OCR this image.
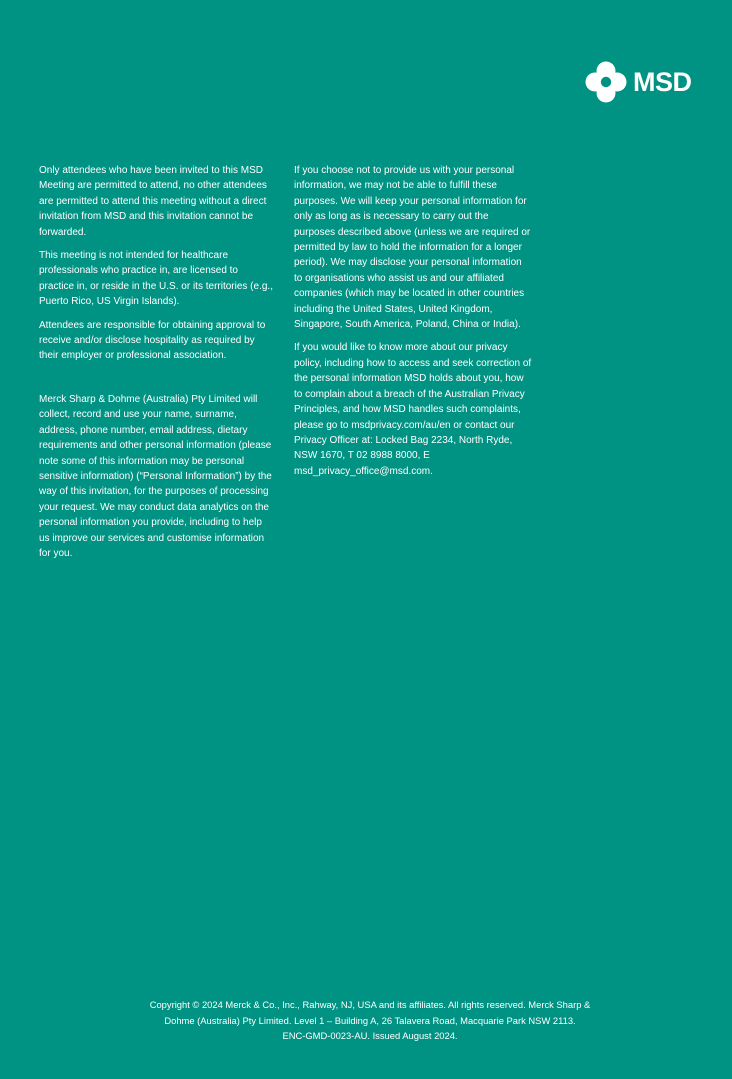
MSD

Only attendees who have been invited to this MSD Meeting are permitted to attend, no other attendees are permitted to attend this meeting without a direct invitation from MSD and this invitation cannot be forwarded.

This meeting is not intended for healthcare professionals who practice in, are licensed to practice in, or reside in the U.S. or its territories (e.g., Puerto Rico, US Virgin Islands).

Attendees are responsible for obtaining approval to receive and/or disclose hospitality as required by their employer or professional association.

Merck Sharp & Dohme (Australia) Pty Limited will collect, record and use your name, surname, address, phone number, email address, dietary requirements and other personal information (please note some of this information may be personal sensitive information) (“Personal Information”) by the way of this invitation, for the purposes of processing your request. We may conduct data analytics on the personal information you provide, including to help us improve our services and customise information for you.

If you choose not to provide us with your personal information, we may not be able to fulfill these purposes. We will keep your personal information for only as long as is necessary to carry out the purposes described above (unless we are required or permitted by law to hold the information for a longer period). We may disclose your personal information to organisations who assist us and our affiliated companies (which may be located in other countries including the United States, United Kingdom, Singapore, South America, Poland, China or India).

If you would like to know more about our privacy policy, including how to access and seek correction of the personal information MSD holds about you, how to complain about a breach of the Australian Privacy Principles, and how MSD handles such complaints, please go to msdprivacy.com/au/en or contact our Privacy Officer at: Locked Bag 2234, North Ryde, NSW 1670, T 02 8988 8000, E msd_privacy_office@msd.com.

Copyright © 2024 Merck & Co., Inc., Rahway, NJ, USA and its affiliates. All rights reserved. Merck Sharp &

Dohme (Australia) Pty Limited. Level 1 – Building A, 26 Talavera Road, Macquarie Park NSW 2113.

ENC-GMD-0023-AU. Issued August 2024.
